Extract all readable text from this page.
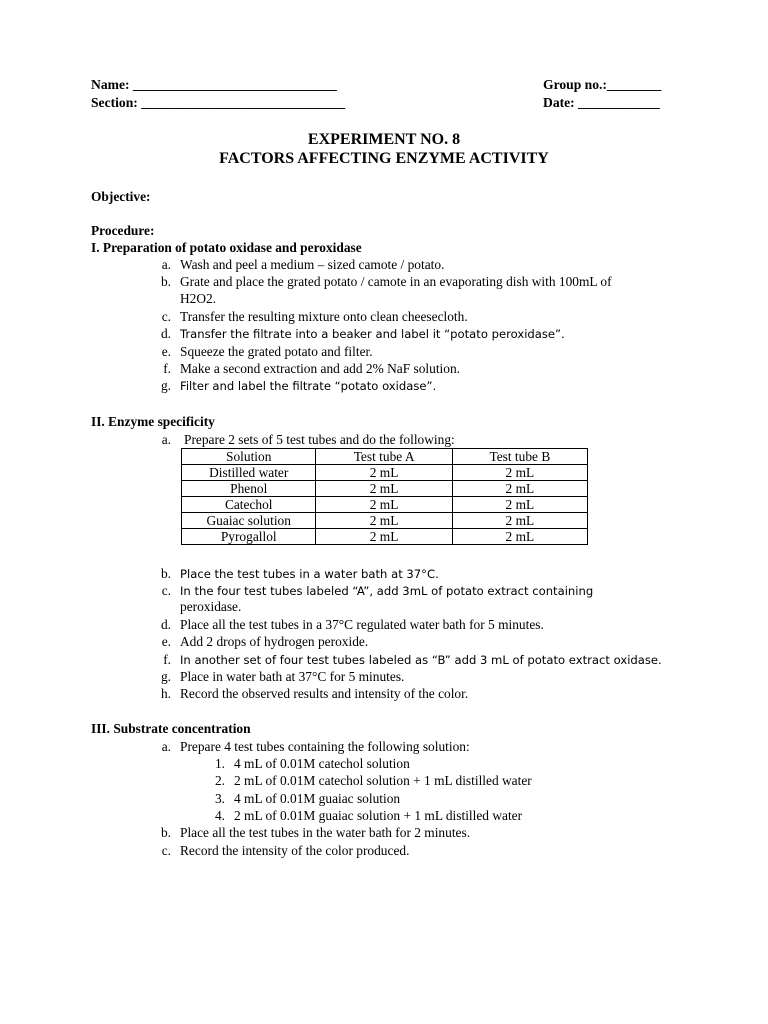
Name: ______________________________
Section: ______________________________
Group no.:________
Date: ____________
EXPERIMENT NO. 8
FACTORS AFFECTING ENZYME ACTIVITY
Objective:
Procedure:
I. Preparation of potato oxidase and peroxidase
a. Wash and peel a medium – sized camote / potato.
b. Grate and place the grated potato / camote in an evaporating dish with 100mL of
H2O2.
c. Transfer the resulting mixture onto clean cheesecloth.
d. Transfer the filtrate into a beaker and label it “potato peroxidase”.
e. Squeeze the grated potato and filter.
f. Make a second extraction and add 2% NaF solution.
g. Filter and label the filtrate “potato oxidase”.
II. Enzyme specificity
a. Prepare 2 sets of 5 test tubes and do the following:
Solution	Test tube A	Test tube B
Distilled water	2 mL	2 mL
Phenol	2 mL	2 mL
Catechol	2 mL	2 mL
Guaiac solution	2 mL	2 mL
Pyrogallol	2 mL	2 mL
b. Place the test tubes in a water bath at 37°C.
c. In the four test tubes labeled “A”, add 3mL of potato extract containing
peroxidase.
d. Place all the test tubes in a 37°C regulated water bath for 5 minutes.
e. Add 2 drops of hydrogen peroxide.
f. In another set of four test tubes labeled as “B” add 3 mL of potato extract oxidase.
g. Place in water bath at 37°C for 5 minutes.
h. Record the observed results and intensity of the color.
III. Substrate concentration
a. Prepare 4 test tubes containing the following solution:
1. 4 mL of 0.01M catechol solution
2. 2 mL of 0.01M catechol solution + 1 mL distilled water
3. 4 mL of 0.01M guaiac solution
4. 2 mL of 0.01M guaiac solution + 1 mL distilled water
b. Place all the test tubes in the water bath for 2 minutes.
c. Record the intensity of the color produced.
